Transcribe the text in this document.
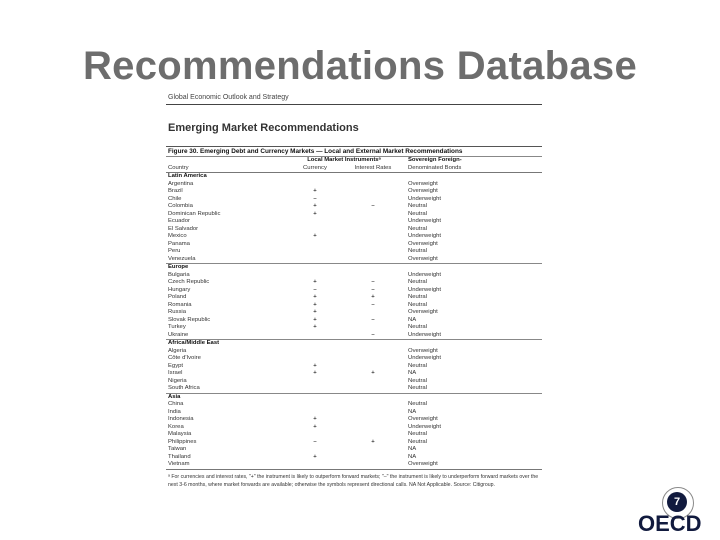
Recommendations Database
Global Economic Outlook and Strategy
Emerging Market Recommendations
Figure 30. Emerging Debt and Currency Markets — Local and External Market Recommendations
	Local Market Instrumentsᵃ		Sovereign Foreign-
Country	Currency	Interest Rates	Denominated Bonds
Latin America			
Argentina			Overweight
Brazil	+		Overweight
Chile	–		Underweight
Colombia	+	–	Neutral
Dominican Republic	+		Neutral
Ecuador			Underweight
El Salvador			Neutral
Mexico	+		Underweight
Panama			Overweight
Peru			Neutral
Venezuela			Overweight
Europe			
Bulgaria			Underweight
Czech Republic	+	–	Neutral
Hungary	–	–	Underweight
Poland	+	+	Neutral
Romania	+	–	Neutral
Russia	+		Overweight
Slovak Republic	+	–	NA
Turkey	+		Neutral
Ukraine		–	Underweight
Africa/Middle East			
Algeria			Overweight
Côte d'Ivoire			Underweight
Egypt	+		Neutral
Israel	+	+	NA
Nigeria			Neutral
South Africa			Neutral
Asia			
China			Neutral
India			NA
Indonesia	+		Overweight
Korea	+		Underweight
Malaysia			Neutral
Philippines	–	+	Neutral
Taiwan			NA
Thailand	+		NA
Vietnam			Overweight
ᵃ For currencies and interest rates, "+" the instrument is likely to outperform forward markets; "–" the instrument is likely to underperform forward markets over the next 3-6 months, where market forwards are available; otherwise the symbols represent directional calls. NA Not Applicable. Source: Citigroup.
7
OECD
